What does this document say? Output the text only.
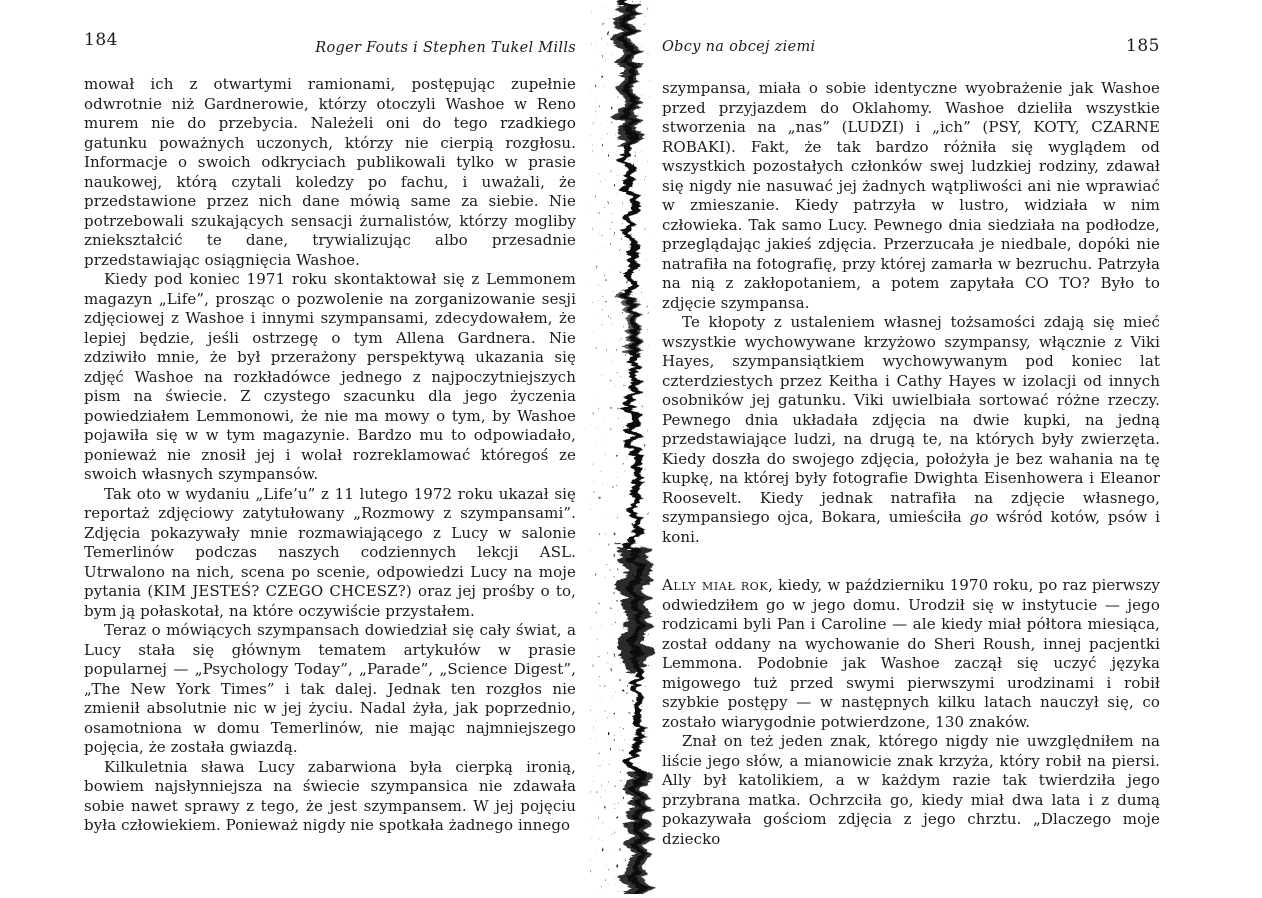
184	Roger Fouts i Stephen Tukel Mills

mował ich z otwartymi ramionami, postępując zupełnie odwrotnie niż Gardnerowie, którzy otoczyli Washoe w Reno murem nie do przebycia. Należeli oni do tego rzadkiego gatunku poważnych uczonych, którzy nie cierpią rozgłosu. Informacje o swoich odkryciach publikowali tylko w prasie naukowej, którą czytali koledzy po fachu, i uważali, że przedstawione przez nich dane mówią same za siebie. Nie potrzebowali szukających sensacji żurnalistów, którzy mogliby zniekształcić te dane, trywializując albo przesadnie przedstawiając osiągnięcia Washoe.

Kiedy pod koniec 1971 roku skontaktował się z Lemmonem magazyn „Life”, prosząc o pozwolenie na zorganizowanie sesji zdjęciowej z Washoe i innymi szympansami, zdecydowałem, że lepiej będzie, jeśli ostrzegę o tym Allena Gardnera. Nie zdziwiło mnie, że był przerażony perspektywą ukazania się zdjęć Washoe na rozkładówce jednego z najpoczytniejszych pism na świecie. Z czystego szacunku dla jego życzenia powiedziałem Lemmonowi, że nie ma mowy o tym, by Washoe pojawiła się w w tym magazynie. Bardzo mu to odpowiadało, ponieważ nie znosił jej i wolał rozreklamować któregoś ze swoich własnych szympansów.

Tak oto w wydaniu „Life’u” z 11 lutego 1972 roku ukazał się reportaż zdjęciowy zatytułowany „Rozmowy z szympansami”. Zdjęcia pokazywały mnie rozmawiającego z Lucy w salonie Temerlinów podczas naszych codziennych lekcji ASL. Utrwalono na nich, scena po scenie, odpowiedzi Lucy na moje pytania (KIM JESTEŚ? CZEGO CHCESZ?) oraz jej prośby o to, bym ją połaskotał, na które oczywiście przystałem.

Teraz o mówiących szympansach dowiedział się cały świat, a Lucy stała się głównym tematem artykułów w prasie popularnej — „Psychology Today”, „Parade”, „Science Digest”, „The New York Times” i tak dalej. Jednak ten rozgłos nie zmienił absolutnie nic w jej życiu. Nadal żyła, jak poprzednio, osamotniona w domu Temerlinów, nie mając najmniejszego pojęcia, że została gwiazdą.

Kilkuletnia sława Lucy zabarwiona była cierpką ironią, bowiem najsłynniejsza na świecie szympansica nie zdawała sobie nawet sprawy z tego, że jest szympansem. W jej pojęciu była człowiekiem. Ponieważ nigdy nie spotkała żadnego innego

Obcy na obcej ziemi	185

szympansa, miała o sobie identyczne wyobrażenie jak Washoe przed przyjazdem do Oklahomy. Washoe dzieliła wszystkie stworzenia na „nas” (LUDZI) i „ich” (PSY, KOTY, CZARNE ROBAKI). Fakt, że tak bardzo różniła się wyglądem od wszystkich pozostałych członków swej ludzkiej rodziny, zdawał się nigdy nie nasuwać jej żadnych wątpliwości ani nie wprawiać w zmieszanie. Kiedy patrzyła w lustro, widziała w nim człowieka. Tak samo Lucy. Pewnego dnia siedziała na podłodze, przeglądając jakieś zdjęcia. Przerzucała je niedbale, dopóki nie natrafiła na fotografię, przy której zamarła w bezruchu. Patrzyła na nią z zakłopotaniem, a potem zapytała CO TO? Było to zdjęcie szympansa.

Te kłopoty z ustaleniem własnej tożsamości zdają się mieć wszystkie wychowywane krzyżowo szympansy, włącznie z Viki Hayes, szympansiątkiem wychowywanym pod koniec lat czterdziestych przez Keitha i Cathy Hayes w izolacji od innych osobników jej gatunku. Viki uwielbiała sortować różne rzeczy. Pewnego dnia układała zdjęcia na dwie kupki, na jedną przedstawiające ludzi, na drugą te, na których były zwierzęta. Kiedy doszła do swojego zdjęcia, położyła je bez wahania na tę kupkę, na której były fotografie Dwighta Eisenhowera i Eleanor Roosevelt. Kiedy jednak natrafiła na zdjęcie własnego, szympansiego ojca, Bokara, umieściła go wśród kotów, psów i koni.

Ally miał rok, kiedy, w październiku 1970 roku, po raz pierwszy odwiedziłem go w jego domu. Urodził się w instytucie — jego rodzicami byli Pan i Caroline — ale kiedy miał półtora miesiąca, został oddany na wychowanie do Sheri Roush, innej pacjentki Lemmona. Podobnie jak Washoe zaczął się uczyć języka migowego tuż przed swymi pierwszymi urodzinami i robił szybkie postępy — w następnych kilku latach nauczył się, co zostało wiarygodnie potwierdzone, 130 znaków.

Znał on też jeden znak, którego nigdy nie uwzględniłem na liście jego słów, a mianowicie znak krzyża, który robił na piersi. Ally był katolikiem, a w każdym razie tak twierdziła jego przybrana matka. Ochrzciła go, kiedy miał dwa lata i z dumą pokazywała gościom zdjęcia z jego chrztu. „Dlaczego moje dziecko
